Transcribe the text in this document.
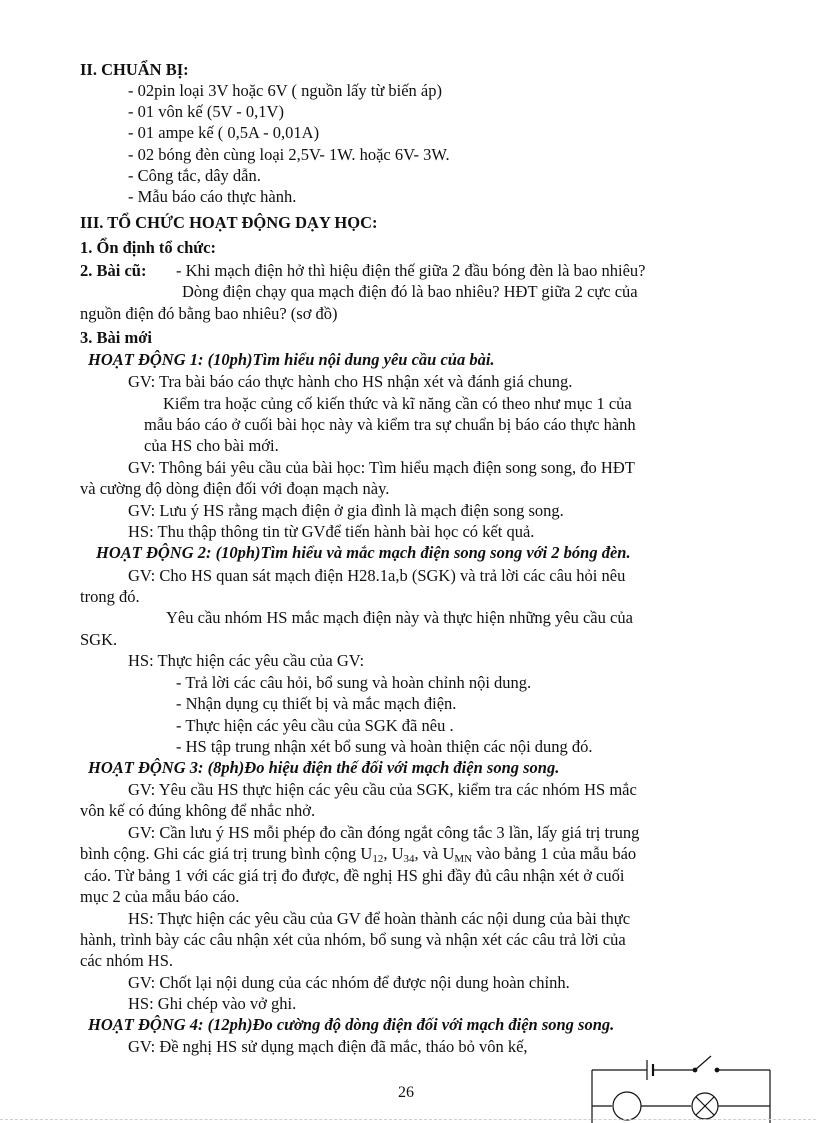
II. CHUẨN BỊ:
- 02pin loại 3V hoặc 6V ( nguồn lấy từ biến áp)
- 01 vôn kế (5V - 0,1V)
- 01 ampe kế ( 0,5A - 0,01A)
- 02 bóng đèn cùng loại 2,5V- 1W. hoặc 6V- 3W.
- Công tắc, dây dẫn.
- Mẫu báo cáo thực hành.
III. TỔ CHỨC HOẠT ĐỘNG DẠY HỌC:
1. Ổn định tổ chức:
2. Bài cũ: - Khi mạch điện hở thì hiệu điện thế giữa 2 đầu bóng đèn là bao nhiêu?
Dòng điện chạy qua mạch điện đó là bao nhiêu? HĐT giữa 2 cực của
nguồn điện đó bằng bao nhiêu? (sơ đồ)
3. Bài mới
HOẠT ĐỘNG 1: (10ph)Tìm hiểu nội dung yêu cầu của bài.
GV: Tra bài báo cáo thực hành cho HS nhận xét và đánh giá chung.
Kiểm tra hoặc củng cố kiến thức và kĩ năng cần có theo như mục 1 của
mẫu báo cáo ở cuối bài học này và kiểm tra sự chuẩn bị báo cáo thực hành
của HS cho bài mới.
GV: Thông bái yêu cầu của bài học: Tìm hiểu mạch điện song song, đo HĐT
và cường độ dòng điện đối với đoạn mạch này.
GV: Lưu ý HS rằng mạch điện ở gia đình là mạch điện song song.
HS: Thu thập thông tin từ GVđể tiến hành bài học có kết quả.
HOẠT ĐỘNG 2: (10ph)Tìm hiểu và mắc mạch điện song song với 2 bóng đèn.
GV: Cho HS quan sát mạch điện H28.1a,b (SGK) và trả lời các câu hỏi nêu
trong đó.
Yêu cầu nhóm HS mắc mạch điện này và thực hiện những yêu cầu của
SGK.
HS: Thực hiện các yêu cầu của GV:
- Trả lời các câu hỏi, bổ sung và hoàn chỉnh nội dung.
- Nhận dụng cụ thiết bị và mắc mạch điện.
- Thực hiện các yêu cầu của SGK đã nêu .
- HS tập trung nhận xét bổ sung và hoàn thiện các nội dung đó.
HOẠT ĐỘNG 3: (8ph)Đo hiệu điện thế đối với mạch điện song song.
GV: Yêu cầu HS thực hiện các yêu cầu của SGK, kiểm tra các nhóm HS mắc
vôn kế có đúng không để nhắc nhở.
GV: Cần lưu ý HS mỗi phép đo cần đóng ngắt công tắc 3 lần, lấy giá trị trung
bình cộng. Ghi các giá trị trung bình cộng $U_{12}$, $U_{34}$, và $U_{MN}$ vào bảng 1 của mẫu báo
cáo. Từ bảng 1 với các giá trị đo được, đề nghị HS ghi đầy đủ câu nhận xét ở cuối
mục 2 của mẫu báo cáo.
HS: Thực hiện các yêu cầu của GV để hoàn thành các nội dung của bài thực
hành, trình bày các câu nhận xét của nhóm, bổ sung và nhận xét các câu trả lời của
các nhóm HS.
GV: Chốt lại nội dung của các nhóm để được nội dung hoàn chỉnh.
HS: Ghi chép vào vở ghi.
HOẠT ĐỘNG 4: (12ph)Đo cường độ dòng điện đối với mạch điện song song.
GV: Đề nghị HS sử dụng mạch điện đã mắc, tháo bỏ vôn kế,
26
